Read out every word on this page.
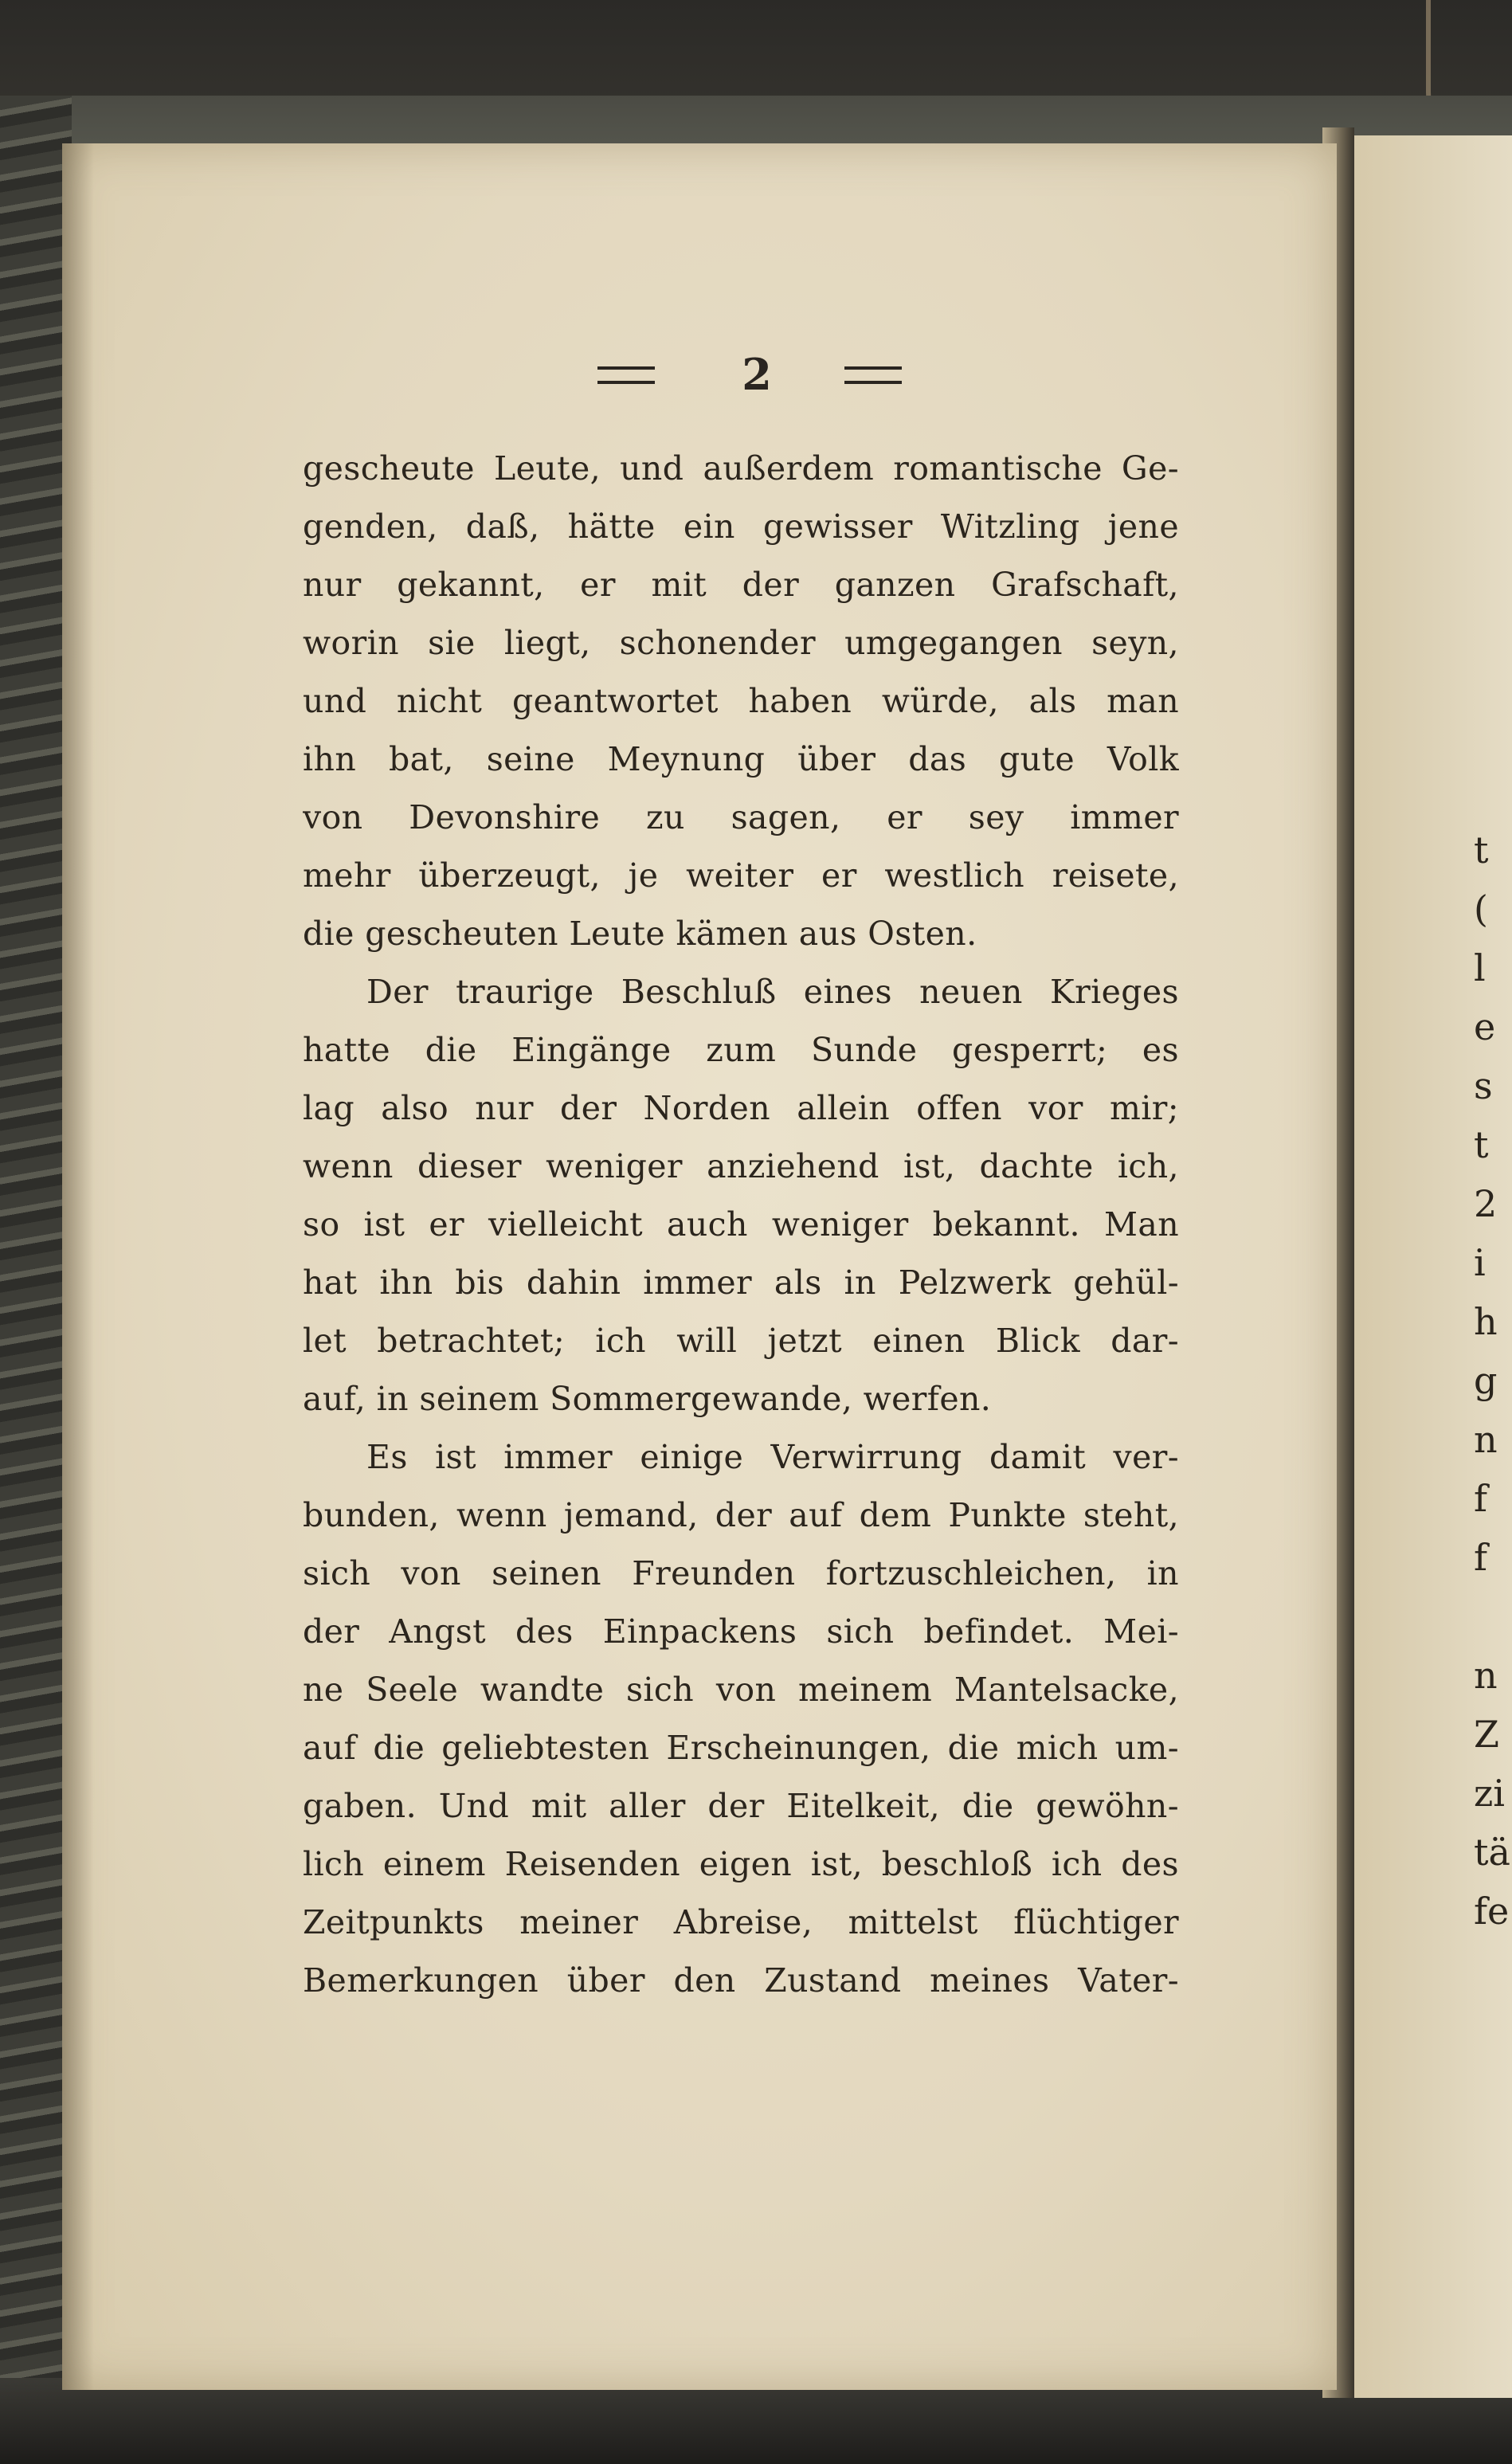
t
(
l
e
s
t
2
i
h
g
n
f
f
n
Z
zi
tä
fe
2
gescheute Leute, und außerdem romantische Ge-
genden, daß, hätte ein gewisser Witzling jene
nur gekannt, er mit der ganzen Grafschaft,
worin sie liegt, schonender umgegangen seyn,
und nicht geantwortet haben würde, als man
ihn bat, seine Meynung über das gute Volk
von Devonshire zu sagen, er sey immer
mehr überzeugt, je weiter er westlich reisete,
die gescheuten Leute kämen aus Osten.
Der traurige Beschluß eines neuen Krieges
hatte die Eingänge zum Sunde gesperrt; es
lag also nur der Norden allein offen vor mir;
wenn dieser weniger anziehend ist, dachte ich,
so ist er vielleicht auch weniger bekannt. Man
hat ihn bis dahin immer als in Pelzwerk gehül-
let betrachtet; ich will jetzt einen Blick dar-
auf, in seinem Sommergewande, werfen.
Es ist immer einige Verwirrung damit ver-
bunden, wenn jemand, der auf dem Punkte steht,
sich von seinen Freunden fortzuschleichen, in
der Angst des Einpackens sich befindet. Mei-
ne Seele wandte sich von meinem Mantelsacke,
auf die geliebtesten Erscheinungen, die mich um-
gaben. Und mit aller der Eitelkeit, die gewöhn-
lich einem Reisenden eigen ist, beschloß ich des
Zeitpunkts meiner Abreise, mittelst flüchtiger
Bemerkungen über den Zustand meines Vater-
